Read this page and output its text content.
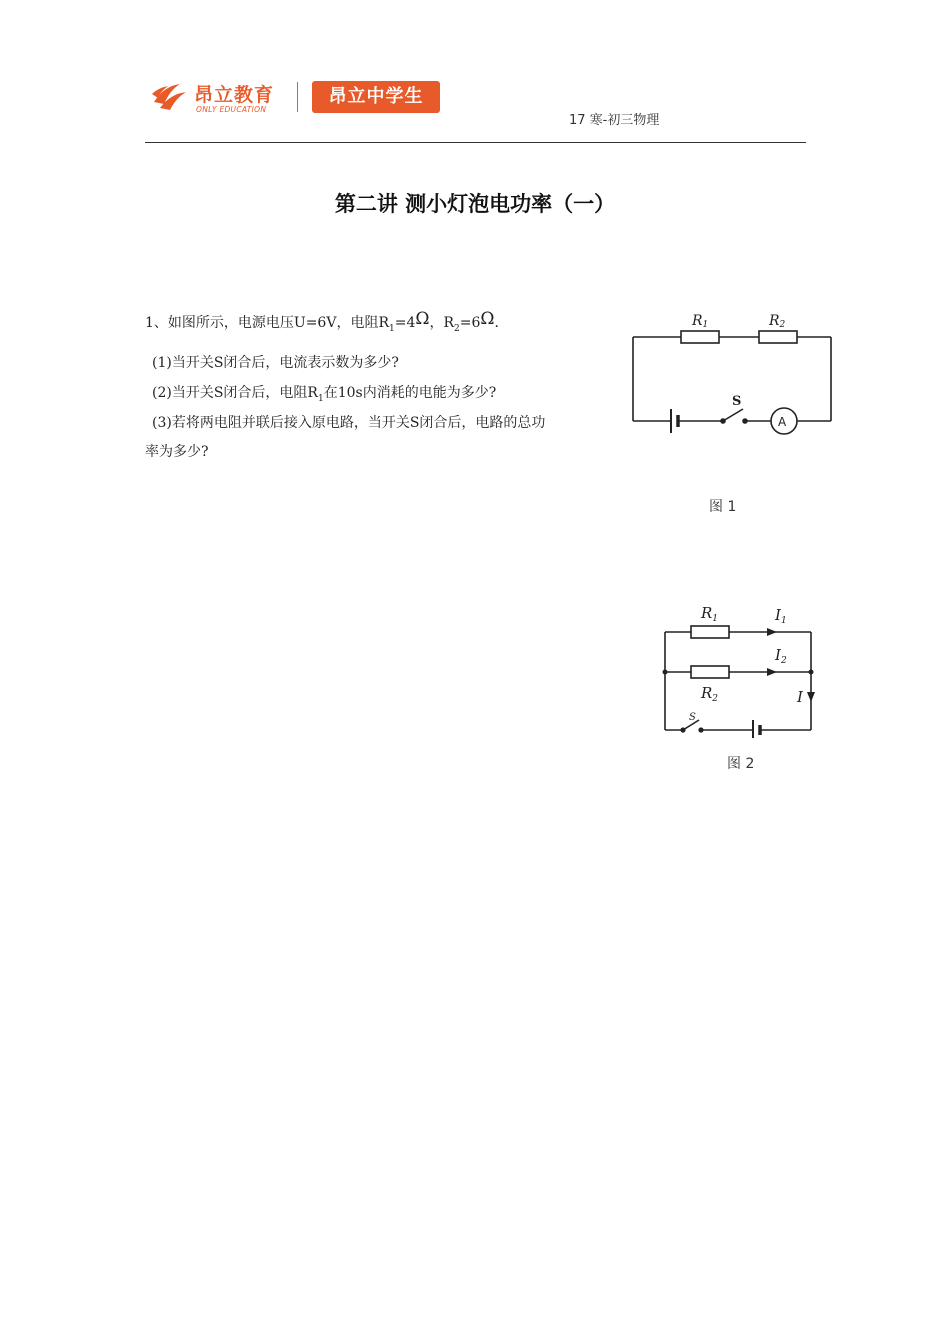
昂立教育
ONLY EDUCATION
昂立中学生
17 寒-初三物理
第二讲 测小灯泡电功率（一）
1、如图所示，电源电压U=6V，电阻$R_1=4\Omega$，$R_2=6\Omega$.
(1)当开关S闭合后，电流表示数为多少?
(2)当开关S闭合后，电阻$R_1$在10s内消耗的电能为多少?
(3)若将两电阻并联后接入原电路，当开关S闭合后，电路的总功
率为多少?
R1	R2
S
A
图 1
$R_1$
$R_2$
$I_1$
$I_2$
I
S
图 2
